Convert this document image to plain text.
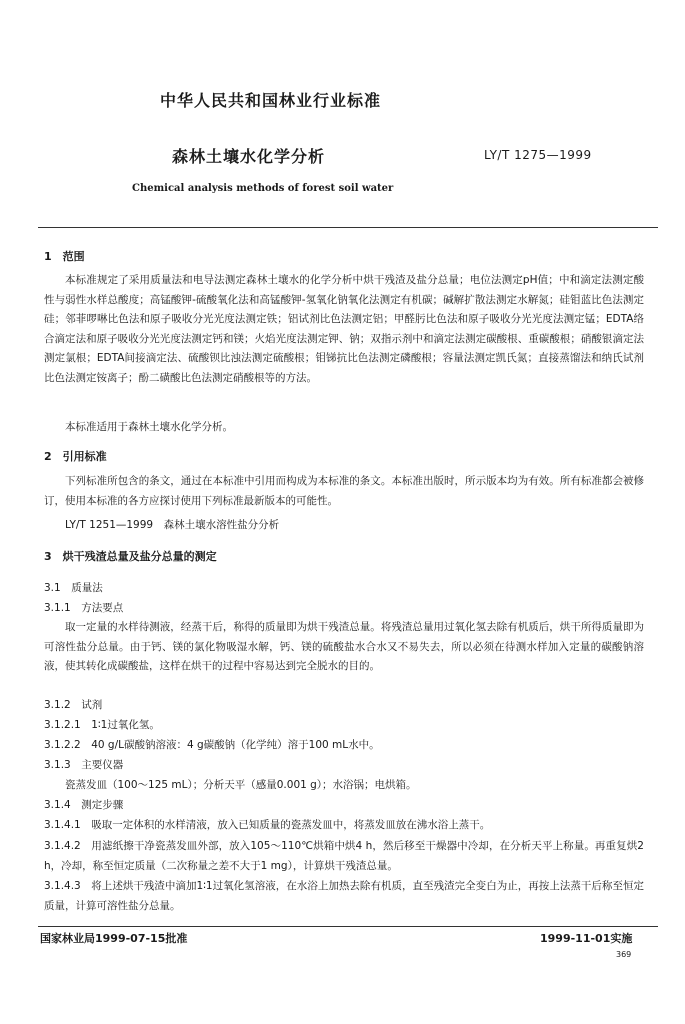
中华人民共和国林业行业标准
森林土壤水化学分析	LY/T 1275—1999
Chemical analysis methods of forest soil water
1　范围
本标准规定了采用质量法和电导法测定森林土壤水的化学分析中烘干残渣及盐分总量；电位法测定pH值；中和滴定法测定酸性与弱性水样总酸度；高锰酸钾-硫酸氧化法和高锰酸钾-氢氧化钠氧化法测定有机碳；碱解扩散法测定水解氮；硅钼蓝比色法测定硅；邻菲啰啉比色法和原子吸收分光光度法测定铁；铝试剂比色法测定铝；甲醛肟比色法和原子吸收分光光度法测定锰；EDTA络合滴定法和原子吸收分光光度法测定钙和镁；火焰光度法测定钾、钠；双指示剂中和滴定法测定碳酸根、重碳酸根；硝酸银滴定法测定氯根；EDTA间接滴定法、硫酸钡比浊法测定硫酸根；钼锑抗比色法测定磷酸根；容量法测定凯氏氮；直接蒸馏法和纳氏试剂比色法测定铵离子；酚二磺酸比色法测定硝酸根等的方法。
本标准适用于森林土壤水化学分析。
2　引用标准
下列标准所包含的条文，通过在本标准中引用而构成为本标准的条文。本标准出版时，所示版本均为有效。所有标准都会被修订，使用本标准的各方应探讨使用下列标准最新版本的可能性。
LY/T 1251—1999　森林土壤水溶性盐分分析
3　烘干残渣总量及盐分总量的测定
3.1　质量法
3.1.1　方法要点
取一定量的水样待测液，经蒸干后，称得的质量即为烘干残渣总量。将残渣总量用过氧化氢去除有机质后，烘干所得质量即为可溶性盐分总量。由于钙、镁的氯化物吸湿水解，钙、镁的硫酸盐水合水又不易失去，所以必须在待测水样加入定量的碳酸钠溶液，使其转化成碳酸盐，这样在烘干的过程中容易达到完全脱水的目的。
3.1.2　试剂
3.1.2.1　1∶1过氧化氢。
3.1.2.2　40 g/L碳酸钠溶液：4 g碳酸钠（化学纯）溶于100 mL水中。
3.1.3　主要仪器
瓷蒸发皿（100～125 mL）；分析天平（感量0.001 g）；水浴锅；电烘箱。
3.1.4　测定步骤
3.1.4.1　吸取一定体积的水样清液，放入已知质量的瓷蒸发皿中，将蒸发皿放在沸水浴上蒸干。
3.1.4.2　用滤纸擦干净瓷蒸发皿外部，放入105～110℃烘箱中烘4 h，然后移至干燥器中冷却，在分析天平上称量。再重复烘2 h，冷却，称至恒定质量（二次称量之差不大于1 mg），计算烘干残渣总量。
3.1.4.3　将上述烘干残渣中滴加1∶1过氧化氢溶液，在水浴上加热去除有机质，直至残渣完全变白为止，再按上法蒸干后称至恒定质量，计算可溶性盐分总量。
国家林业局1999-07-15批准	1999-11-01实施
369
